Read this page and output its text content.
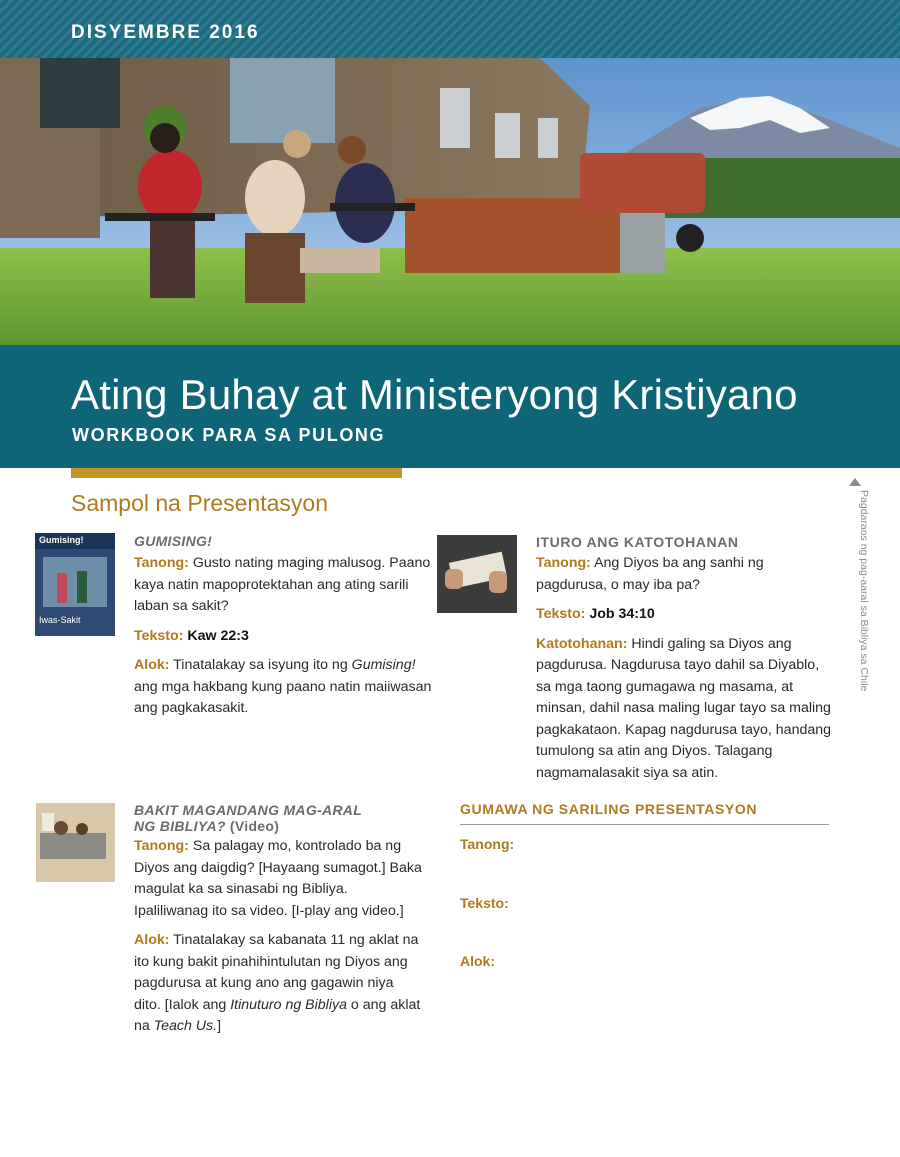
DISYEMBRE 2016
Ating Buhay at Ministeryong Kristiyano
WORKBOOK PARA SA PULONG
Sampol na Presentasyon	Pagdaraos ng pag-aaral sa Bibliya sa Chile
Gumising!
Iwas-Sakit
GUMISING!

Tanong: Gusto nating maging malusog. Paano kaya natin mapoprotektahan ang ating sarili laban sa sakit?

Teksto: Kaw 22:3

Alok: Tinatalakay sa isyung ito ng Gumising! ang mga hakbang kung paano natin maiiwasan ang pagkakasakit.

ITURO ANG KATOTOHANAN

Tanong: Ang Diyos ba ang sanhi ng pagdurusa, o may iba pa?

Teksto: Job 34:10

Katotohanan: Hindi galing sa Diyos ang pagdurusa. Nagdurusa tayo dahil sa Diyablo, sa mga taong gumagawa ng masama, at minsan, dahil nasa maling lugar tayo sa maling pagkakataon. Kapag nagdurusa tayo, handang tumulong sa atin ang Diyos. Talagang nagmamalasakit siya sa atin.

BAKIT MAGANDANG MAG-ARAL NG BIBLIYA? (Video)

Tanong: Sa palagay mo, kontrolado ba ng Diyos ang daigdig? [Hayaang sumagot.] Baka magulat ka sa sinasabi ng Bibliya. Ipaliliwanag ito sa video. [I-play ang video.]

Alok: Tinatalakay sa kabanata 11 ng aklat na ito kung bakit pinahihintulutan ng Diyos ang pagdurusa at kung ano ang gagawin niya dito. [Ialok ang Itinuturo ng Bibliya o ang aklat na Teach Us.]

GUMAWA NG SARILING PRESENTASYON
Tanong:
Teksto:
Alok:
